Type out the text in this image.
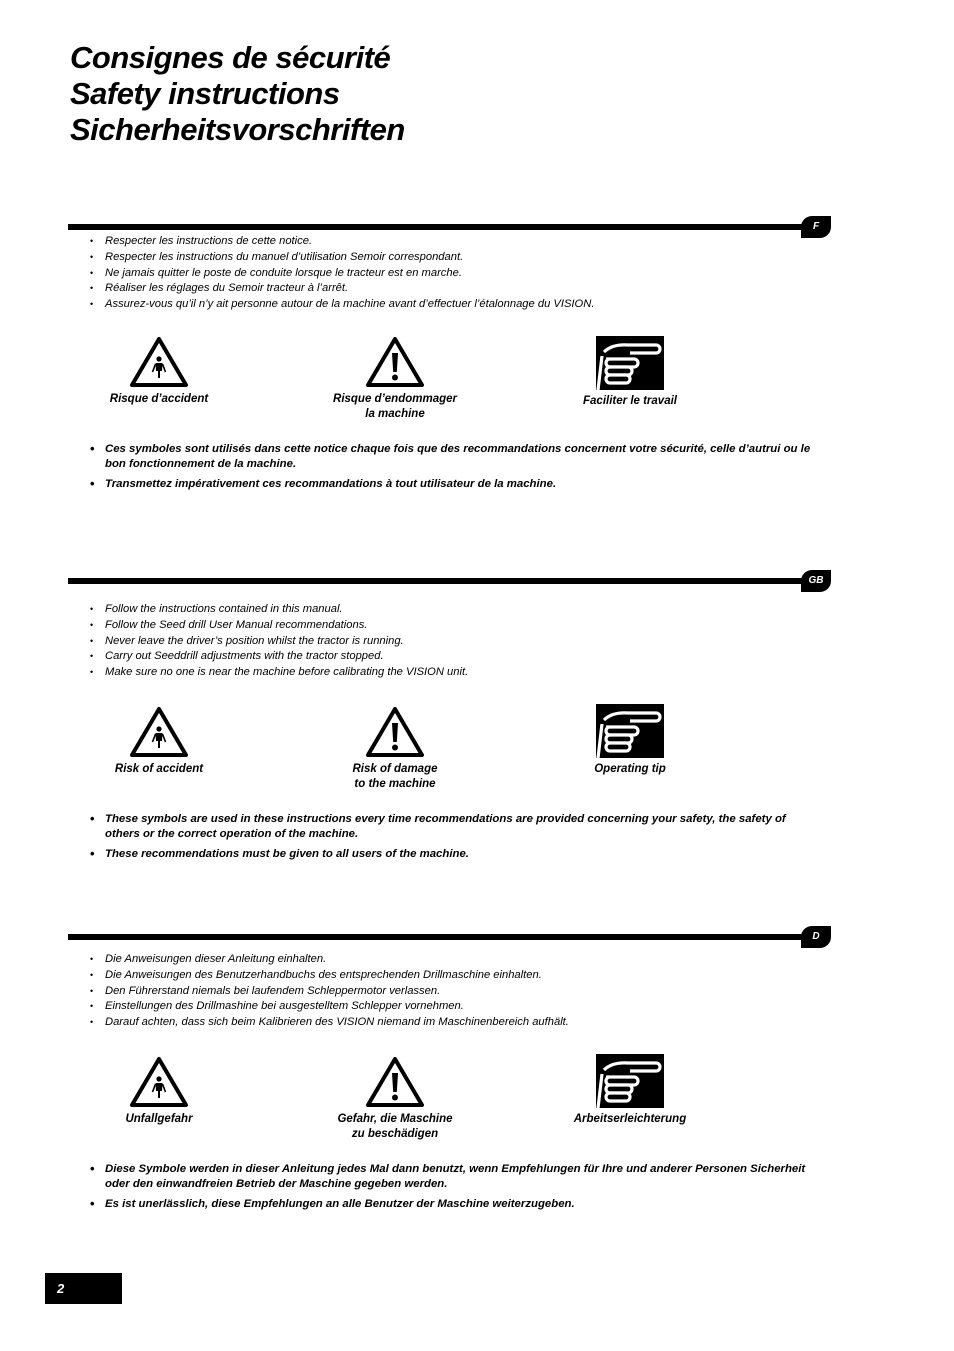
Consignes de sécurité
Safety instructions
Sicherheitsvorschriften
F
• Respecter les instructions de cette notice.
• Respecter les instructions du manuel d’utilisation Semoir correspondant.
• Ne jamais quitter le poste de conduite lorsque le tracteur est en marche.
• Réaliser les réglages du Semoir tracteur à l’arrêt.
• Assurez-vous qu’il n’y ait personne autour de la machine avant d’effectuer l’étalonnage du VISION.
Risque d’accident	Risque d’endommager
la machine
Faciliter le travail
• Ces symboles sont utilisés dans cette notice chaque fois que des recommandations concernent votre sécurité, celle d’autrui ou le bon fonctionnement de la machine.
• Transmettez impérativement ces recommandations à tout utilisateur de la machine.
GB
• Follow the instructions contained in this manual.
• Follow the Seed drill User Manual recommendations.
• Never leave the driver’s position whilst the tractor is running.
• Carry out Seeddrill adjustments with the tractor stopped.
• Make sure no one is near the machine before calibrating the VISION unit.
Risk of accident	Risk of damage
to the machine
Operating tip
• These symbols are used in these instructions every time recommendations are provided concerning your safety, the safety of others or the correct operation of the machine.
• These recommendations must be given to all users of the machine.
D
• Die Anweisungen dieser Anleitung einhalten.
• Die Anweisungen des Benutzerhandbuchs des entsprechenden Drillmaschine einhalten.
• Den Führerstand niemals bei laufendem Schleppermotor verlassen.
• Einstellungen des Drillmashine bei ausgestelltem Schlepper vornehmen.
• Darauf achten, dass sich beim Kalibrieren des VISION niemand im Maschinenbereich aufhält.
Unfallgefahr	Gefahr, die Maschine
zu beschädigen
Arbeitserleichterung
• Diese Symbole werden in dieser Anleitung jedes Mal dann benutzt, wenn Empfehlungen für Ihre und anderer Personen Sicherheit oder den einwandfreien Betrieb der Maschine gegeben werden.
• Es ist unerlässlich, diese Empfehlungen an alle Benutzer der Maschine weiterzugeben.
2
